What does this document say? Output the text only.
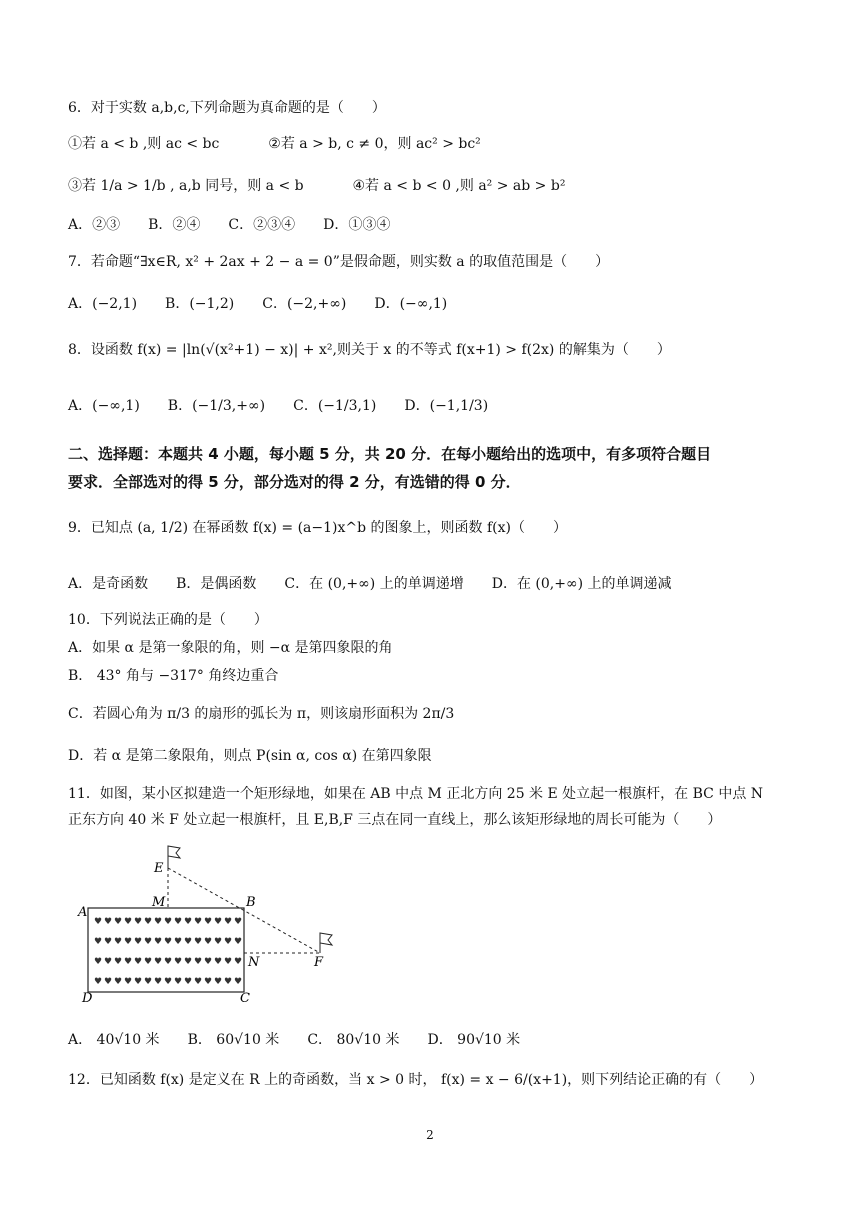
6．对于实数 a,b,c,下列命题为真命题的是（　　）
①若 a < b ,则 ac < bc	②若 a > b, c ≠ 0，则 ac² > bc²
③若 1/a > 1/b , a,b 同号，则 a < b	④若 a < b < 0 ,则 a² > ab > b²
A．②③ B．②④ C．②③④ D．①③④
7．若命题“∃x∈R, x² + 2ax + 2 − a = 0”是假命题，则实数 a 的取值范围是（　　）
A．(−2,1) B．(−1,2) C．(−2,+∞) D．(−∞,1)
8．设函数 f(x) = |ln(√(x²+1) − x)| + x²,则关于 x 的不等式 f(x+1) > f(2x) 的解集为（　　）
A．(−∞,1) B．(−1/3,+∞) C．(−1/3,1) D．(−1,1/3)
二、选择题：本题共 4 小题，每小题 5 分，共 20 分．在每小题给出的选项中，有多项符合题目
要求．全部选对的得 5 分，部分选对的得 2 分，有选错的得 0 分．
9．已知点 (a, 1/2) 在幂函数 f(x) = (a−1)x^b 的图象上，则函数 f(x)（　　）
A．是奇函数 B．是偶函数 C．在 (0,+∞) 上的单调递增 D．在 (0,+∞) 上的单调递减
10．下列说法正确的是（　　）
A．如果 α 是第一象限的角，则 −α 是第四象限的角
B． 43° 角与 −317° 角终边重合
C．若圆心角为 π/3 的扇形的弧长为 π，则该扇形面积为 2π/3
D．若 α 是第二象限角，则点 P(sin α, cos α) 在第四象限
11．如图，某小区拟建造一个矩形绿地，如果在 AB 中点 M 正北方向 25 米 E 处立起一根旗杆，在 BC 中点 N
正东方向 40 米 F 处立起一根旗杆，且 E,B,F 三点在同一直线上，那么该矩形绿地的周长可能为（　　）
♥ ♥ ♥ ♥ ♥ ♥ ♥ ♥ ♥ ♥ ♥ ♥ ♥ ♥ ♥
♥ ♥ ♥ ♥ ♥ ♥ ♥ ♥ ♥ ♥ ♥ ♥ ♥ ♥ ♥
♥ ♥ ♥ ♥ ♥ ♥ ♥ ♥ ♥ ♥ ♥ ♥ ♥ ♥ ♥
♥ ♥ ♥ ♥ ♥ ♥ ♥ ♥ ♥ ♥ ♥ ♥ ♥ ♥ ♥
E
M	B
A
N	F
D	C
A． 40√10 米 B． 60√10 米 C． 80√10 米 D． 90√10 米
12．已知函数 f(x) 是定义在 R 上的奇函数，当 x > 0 时， f(x) = x − 6/(x+1)，则下列结论正确的有（　　）
2
